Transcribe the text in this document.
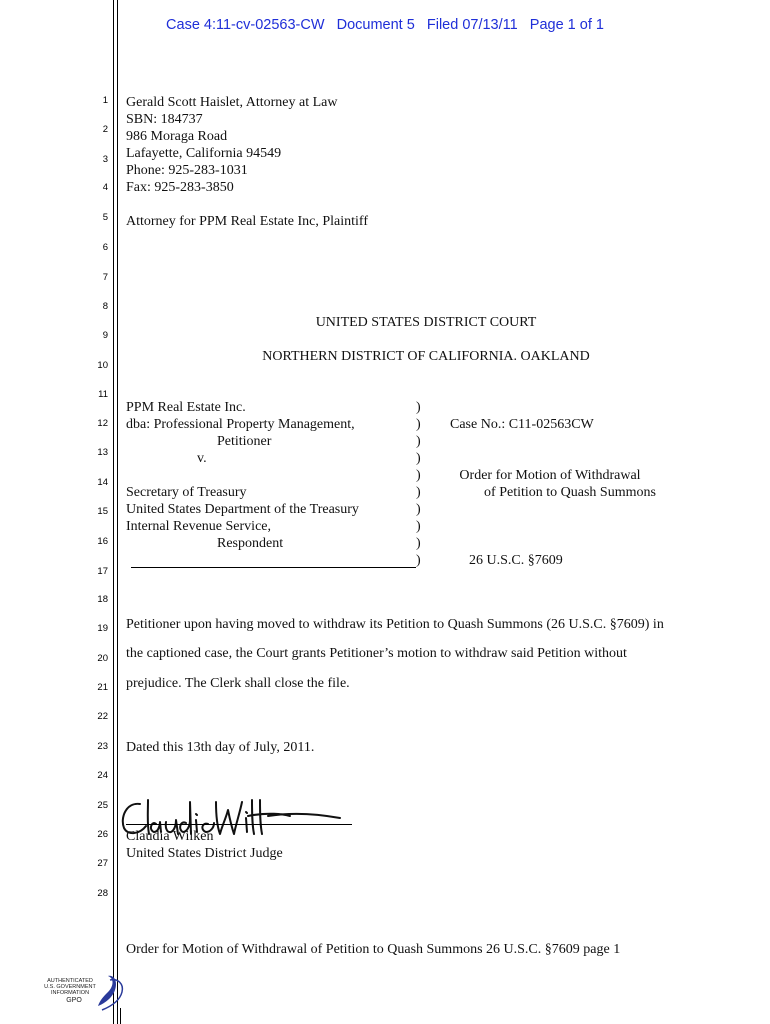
Case 4:11-cv-02563-CW   Document 5   Filed 07/13/11   Page 1 of 1
1
2
3
4
5
6
7
8
9
10
11
12
13
14
15
16
17
18
19
20
21
22
23
24
25
26
27
28
Gerald Scott Haislet, Attorney at Law
SBN: 184737
986 Moraga Road
Lafayette, California 94549
Phone: 925-283-1031
Fax: 925-283-3850
Attorney for PPM Real Estate Inc, Plaintiff
UNITED STATES DISTRICT COURT
NORTHERN DISTRICT OF CALIFORNIA. OAKLAND
PPM Real Estate Inc.
dba: Professional Property Management,
Petitioner
v.
Secretary of Treasury
United States Department of the Treasury
Internal Revenue Service,
Respondent
)
)
)
)
)
)
)
)
)
)
Case No.: C11-02563CW
Order for Motion of Withdrawal
of Petition to Quash Summons
26 U.S.C. §7609
Petitioner upon having moved to withdraw its Petition to Quash Summons (26 U.S.C. §7609) in
the captioned case, the Court grants Petitioner’s motion to withdraw said Petition without
prejudice. The Clerk shall close the file.
Dated this 13th day of July, 2011.
Claudia Wilken
United States District Judge
Order for Motion of Withdrawal of Petition to Quash Summons 26 U.S.C. §7609 page 1
AUTHENTICATED
U.S. GOVERNMENT
INFORMATION
GPO
